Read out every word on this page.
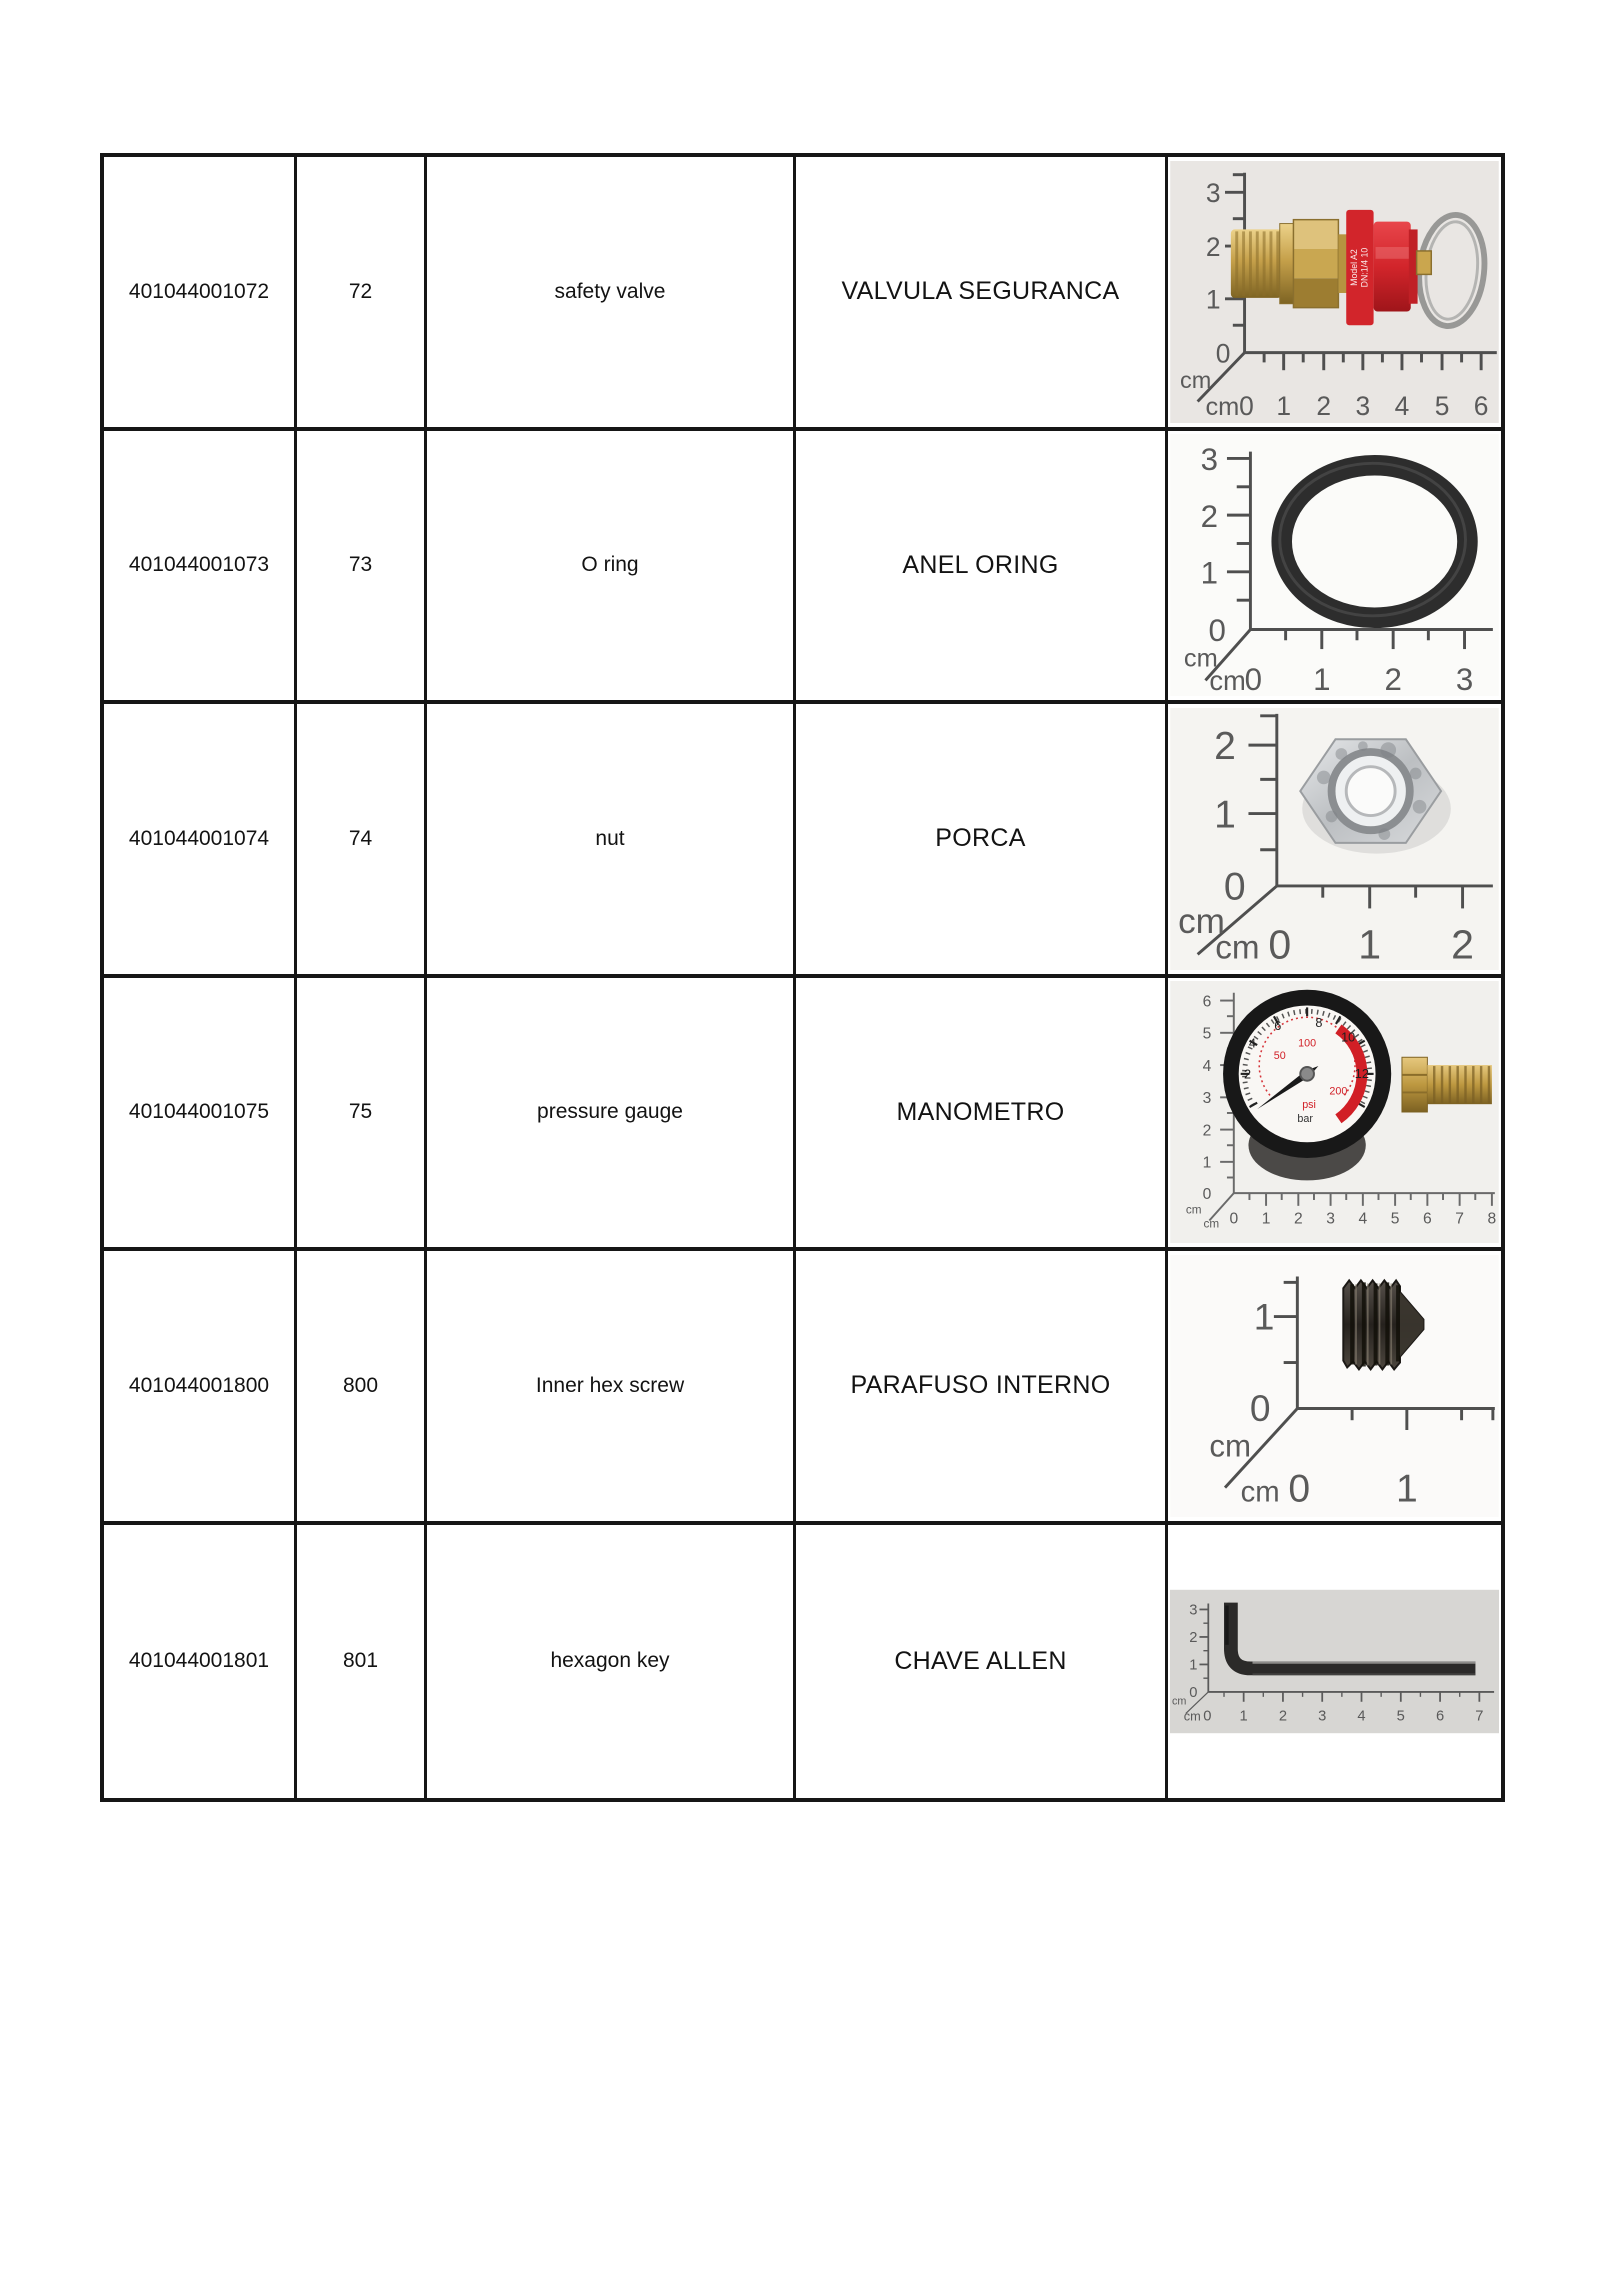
401044001072	72	safety valve	VALVULA SEGURANCA
3
2
1
0
cm
cm 0 1 2 3 4 5 6
Model A2 DN:1/4 10
401044001073	73	O ring	ANEL ORING
3
2
1
0
cm
cm
0 1 2 3
401044001074	74	nut	PORCA
2
1
0
cm
cm 0 1 2
401044001075	75	pressure gauge	MANOMETRO
6
5
4
3
2
1
0
cm
cm 0 1 2 3 4 5 6 7 8
2
4
6	8
10
12
50
100
200
psi
bar
401044001800	800	Inner hex screw	PARAFUSO INTERNO
1
0
cm
cm 0 1
401044001801	801	hexagon key	CHAVE ALLEN
3
2
1
0
cm
cm 0 1 2 3 4 5 6 7
